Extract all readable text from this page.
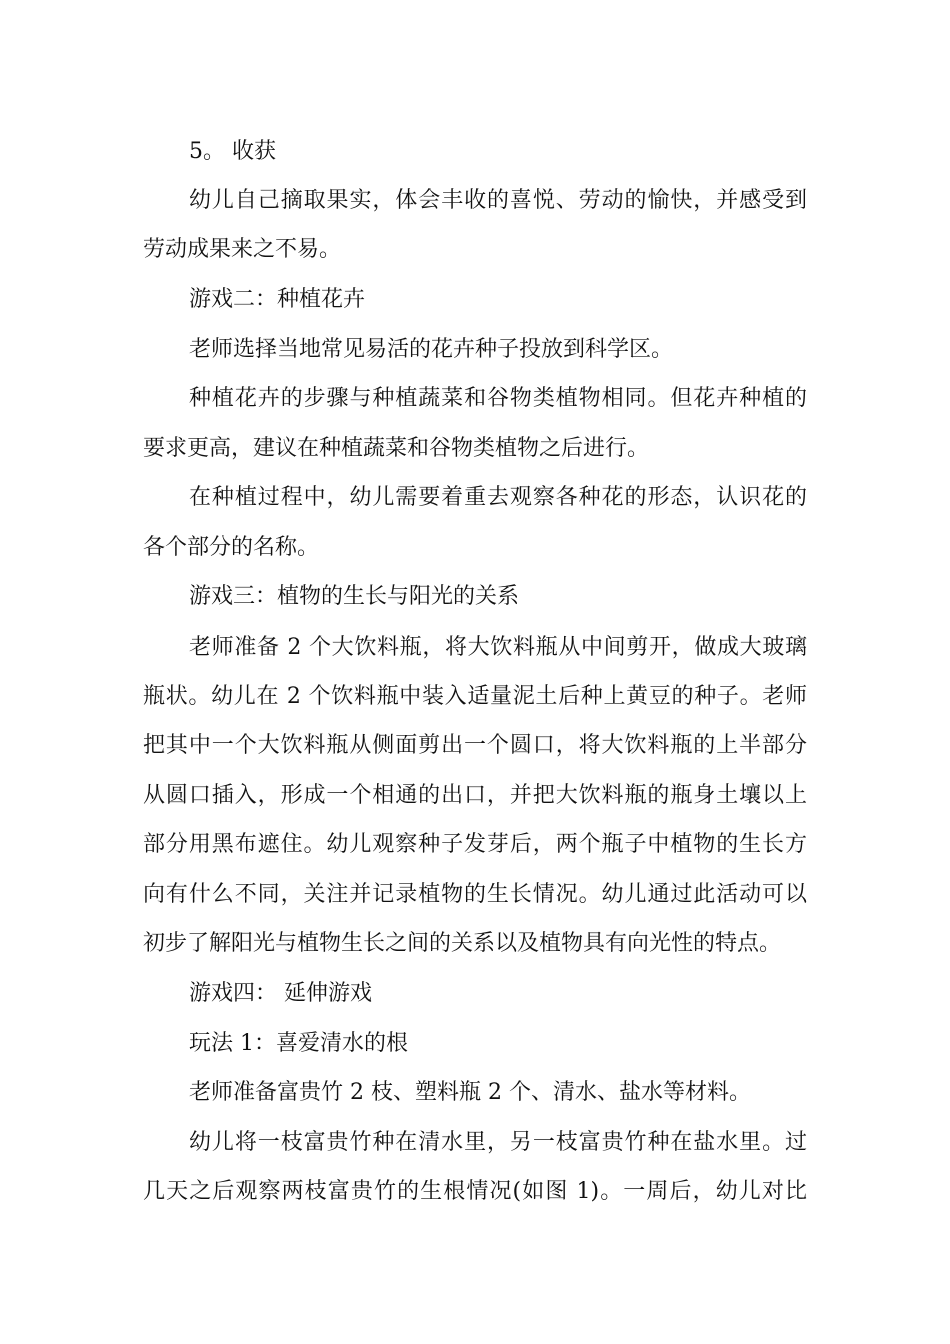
5。 收获
幼儿自己摘取果实，体会丰收的喜悦、劳动的愉快，并感受到
劳动成果来之不易。
游戏二：种植花卉
老师选择当地常见易活的花卉种子投放到科学区。
种植花卉的步骤与种植蔬菜和谷物类植物相同。但花卉种植的
要求更高，建议在种植蔬菜和谷物类植物之后进行。
在种植过程中，幼儿需要着重去观察各种花的形态，认识花的
各个部分的名称。
游戏三：植物的生长与阳光的关系
老师准备 2 个大饮料瓶，将大饮料瓶从中间剪开，做成大玻璃
瓶状。幼儿在 2 个饮料瓶中装入适量泥土后种上黄豆的种子。老师
把其中一个大饮料瓶从侧面剪出一个圆口，将大饮料瓶的上半部分
从圆口插入，形成一个相通的出口，并把大饮料瓶的瓶身土壤以上
部分用黑布遮住。幼儿观察种子发芽后，两个瓶子中植物的生长方
向有什么不同，关注并记录植物的生长情况。幼儿通过此活动可以
初步了解阳光与植物生长之间的关系以及植物具有向光性的特点。
游戏四： 延伸游戏
玩法 1：喜爱清水的根
老师准备富贵竹 2 枝、塑料瓶 2 个、清水、盐水等材料。
幼儿将一枝富贵竹种在清水里，另一枝富贵竹种在盐水里。过
几天之后观察两枝富贵竹的生根情况(如图 1)。一周后，幼儿对比
